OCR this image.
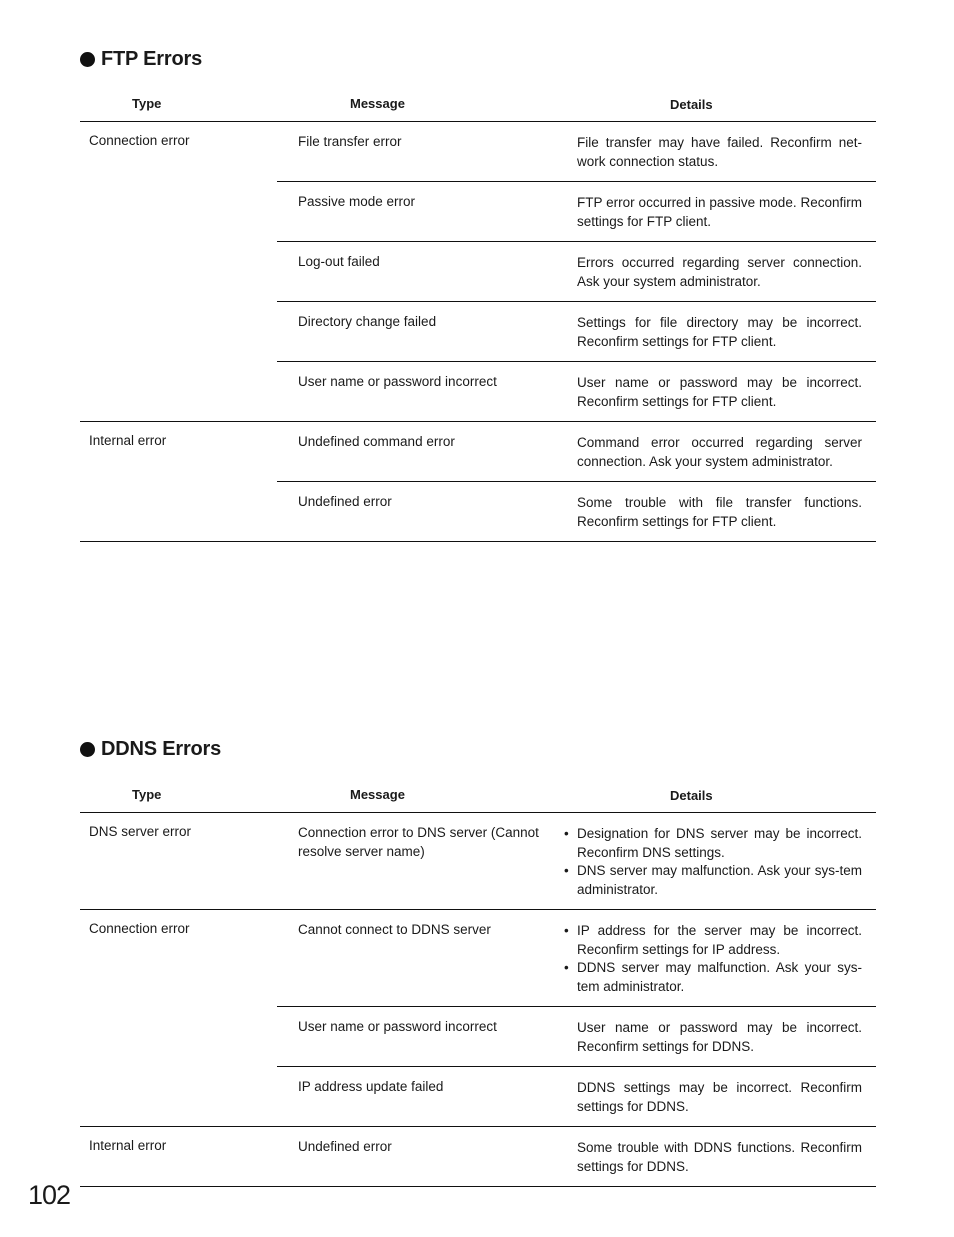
FTP Errors
Type	Message	Details
Connection error	File transfer error	File transfer may have failed. Reconfirm net-work connection status.
Passive mode error	FTP error occurred in passive mode. Reconfirm settings for FTP client.
Log-out failed	Errors occurred regarding server connection. Ask your system administrator.
Directory change failed	Settings for file directory may be incorrect. Reconfirm settings for FTP client.
User name or password incorrect	User name or password may be incorrect. Reconfirm settings for FTP client.
Internal error	Undefined command error	Command error occurred regarding server connection. Ask your system administrator.
Undefined error	Some trouble with file transfer functions. Reconfirm settings for FTP client.
DDNS Errors
Type	Message	Details
DNS server error	Connection error to DNS server (Cannot resolve server name)
• Designation for DNS server may be incorrect. Reconfirm DNS settings.
• DNS server may malfunction. Ask your sys-tem administrator.
Connection error	Cannot connect to DDNS server
•	IP address for the server may be incorrect. Reconfirm settings for IP address.
• DDNS server may malfunction. Ask your sys-tem administrator.
User name or password incorrect	User name or password may be incorrect. Reconfirm settings for DDNS.
IP address update failed	DDNS settings may be incorrect. Reconfirm settings for DDNS.
Internal error	Undefined error	Some trouble with DDNS functions. Reconfirm settings for DDNS.
102
